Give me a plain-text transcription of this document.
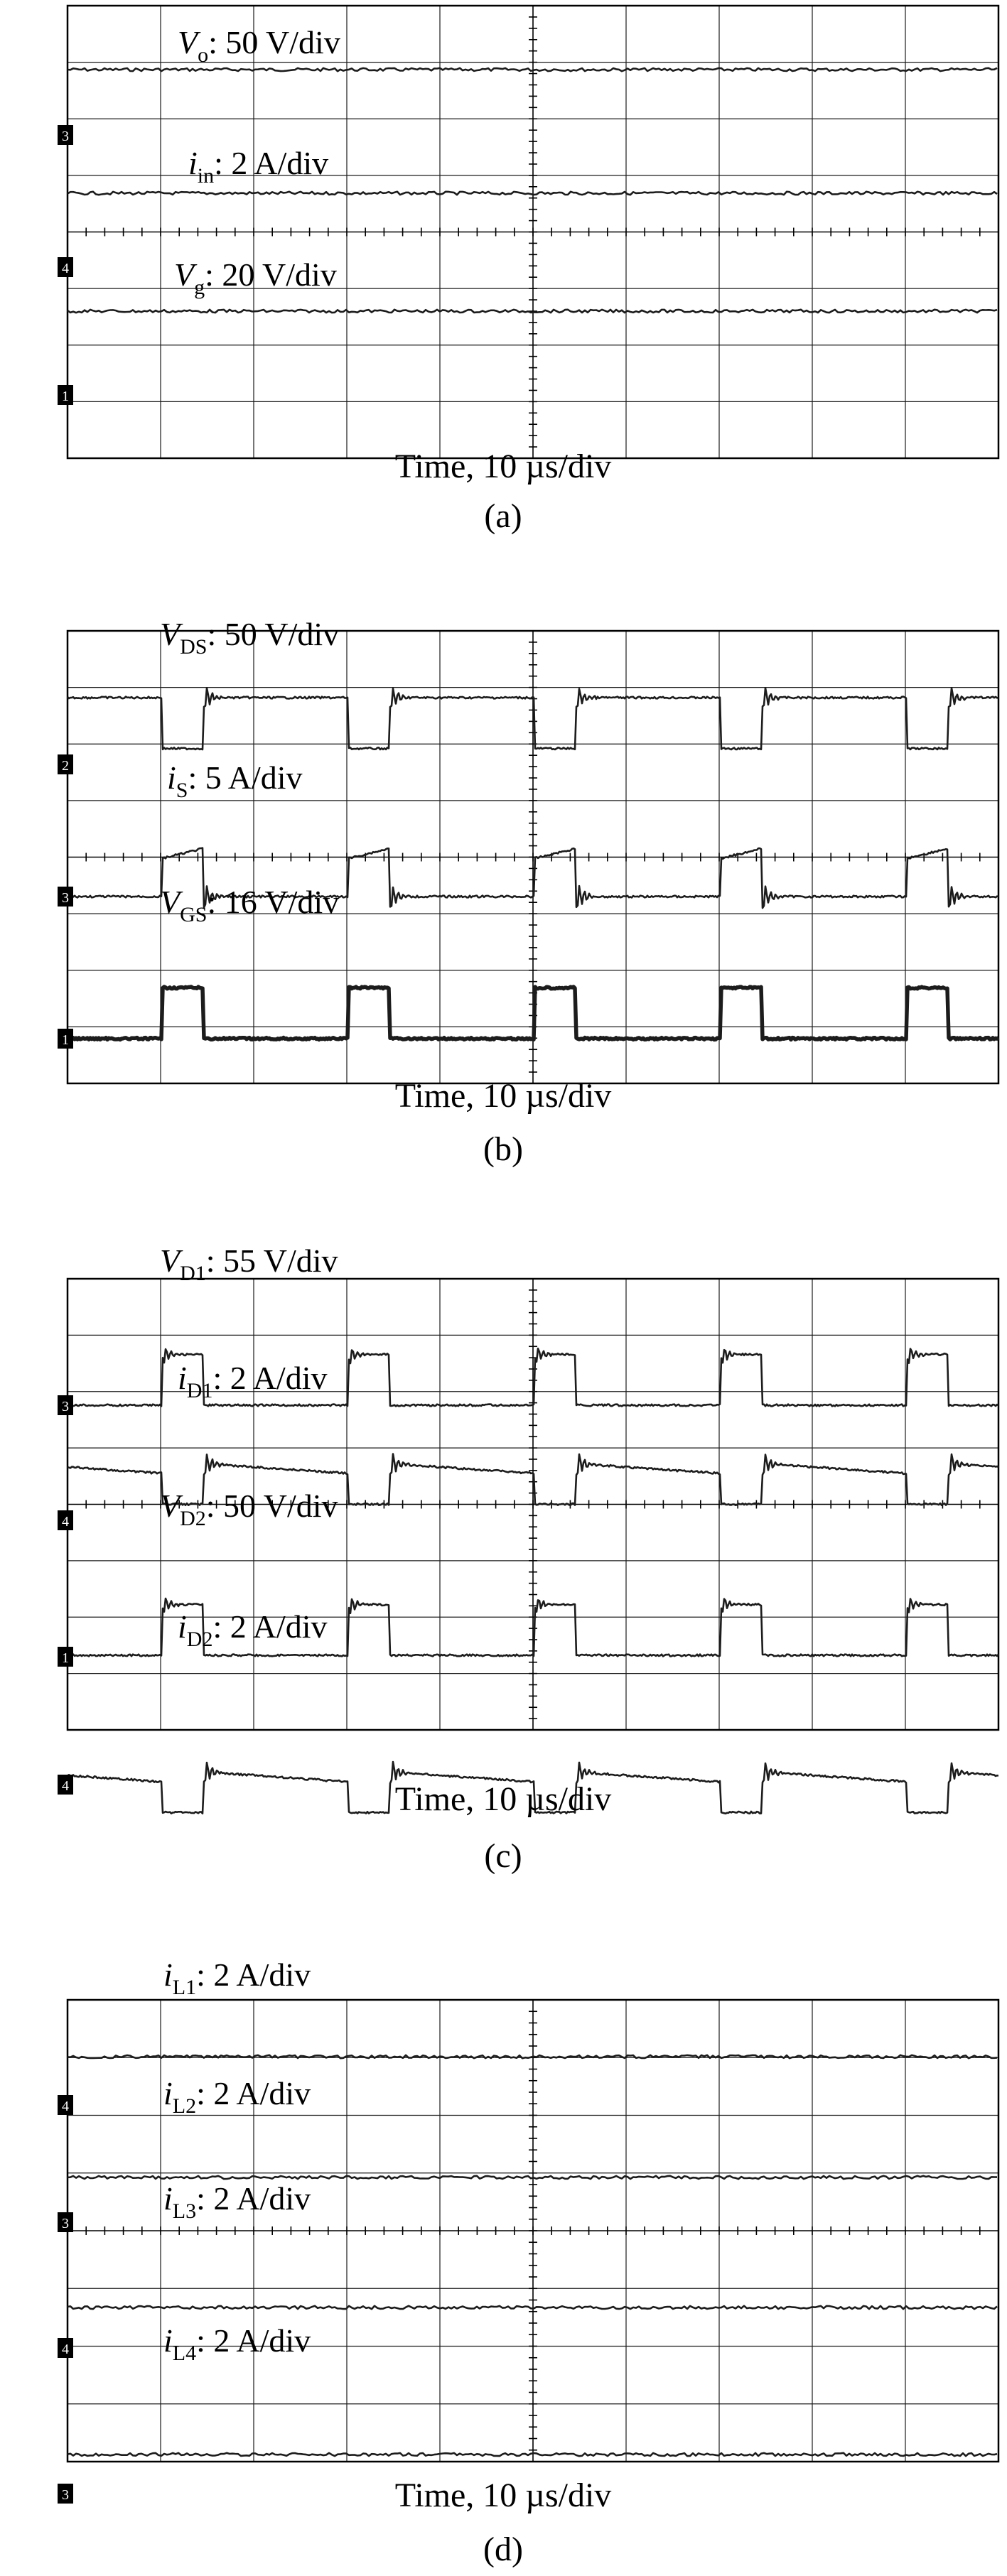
3
4
1
$V_o$: 50 V/div
$i_{in}$: 2 A/div
$V_g$: 20 V/div
Time, 10 µs/div
(a)
2
3
1
$V_{DS}$: 50 V/div
$i_S$: 5 A/div
$V_{GS}$: 16 V/div
Time, 10 µs/div
(b)
3
4
1
4
$V_{D1}$: 55 V/div
$i_{D1}$: 2 A/div
$V_{D2}$: 50 V/div
$i_{D2}$: 2 A/div
Time, 10 µs/div
(c)
4
3
4
3
$i_{L1}$: 2 A/div
$i_{L2}$: 2 A/div
$i_{L3}$: 2 A/div
$i_{L4}$: 2 A/div
Time, 10 µs/div
(d)
